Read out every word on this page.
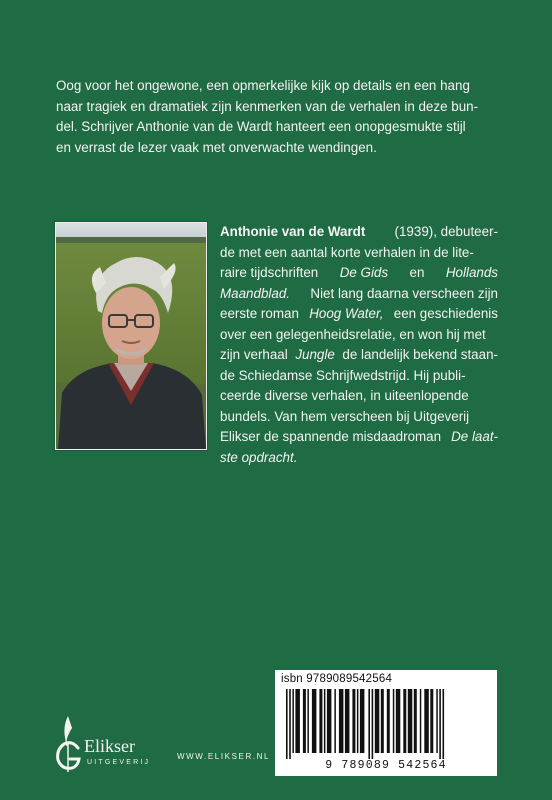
Oog voor het ongewone, een opmerkelijke kijk op details en een hang
naar tragiek en dramatiek zijn kenmerken van de verhalen in deze bun-
del. Schrijver Anthonie van de Wardt hanteert een onopgesmukte stijl
en verrast de lezer vaak met onverwachte wendingen.
Anthonie van de Wardt (1939), debuteer-
de met een aantal korte verhalen in de lite-
raire tijdschriften De Gids en Hollands
Maandblad. Niet lang daarna verscheen zijn
eerste roman Hoog Water, een geschiedenis
over een gelegenheidsrelatie, en won hij met
zijn verhaal Jungle de landelijk bekend staan-
de Schiedamse Schrijfwedstrijd. Hij publi-
ceerde diverse verhalen, in uiteenlopende
bundels. Van hem verscheen bij Uitgeverij
Elikser de spannende misdaadroman De laat-
ste opdracht.
isbn 9789089542564
9 789089 542564
Elikser
UITGEVERIJ
WWW.ELIKSER.NL
